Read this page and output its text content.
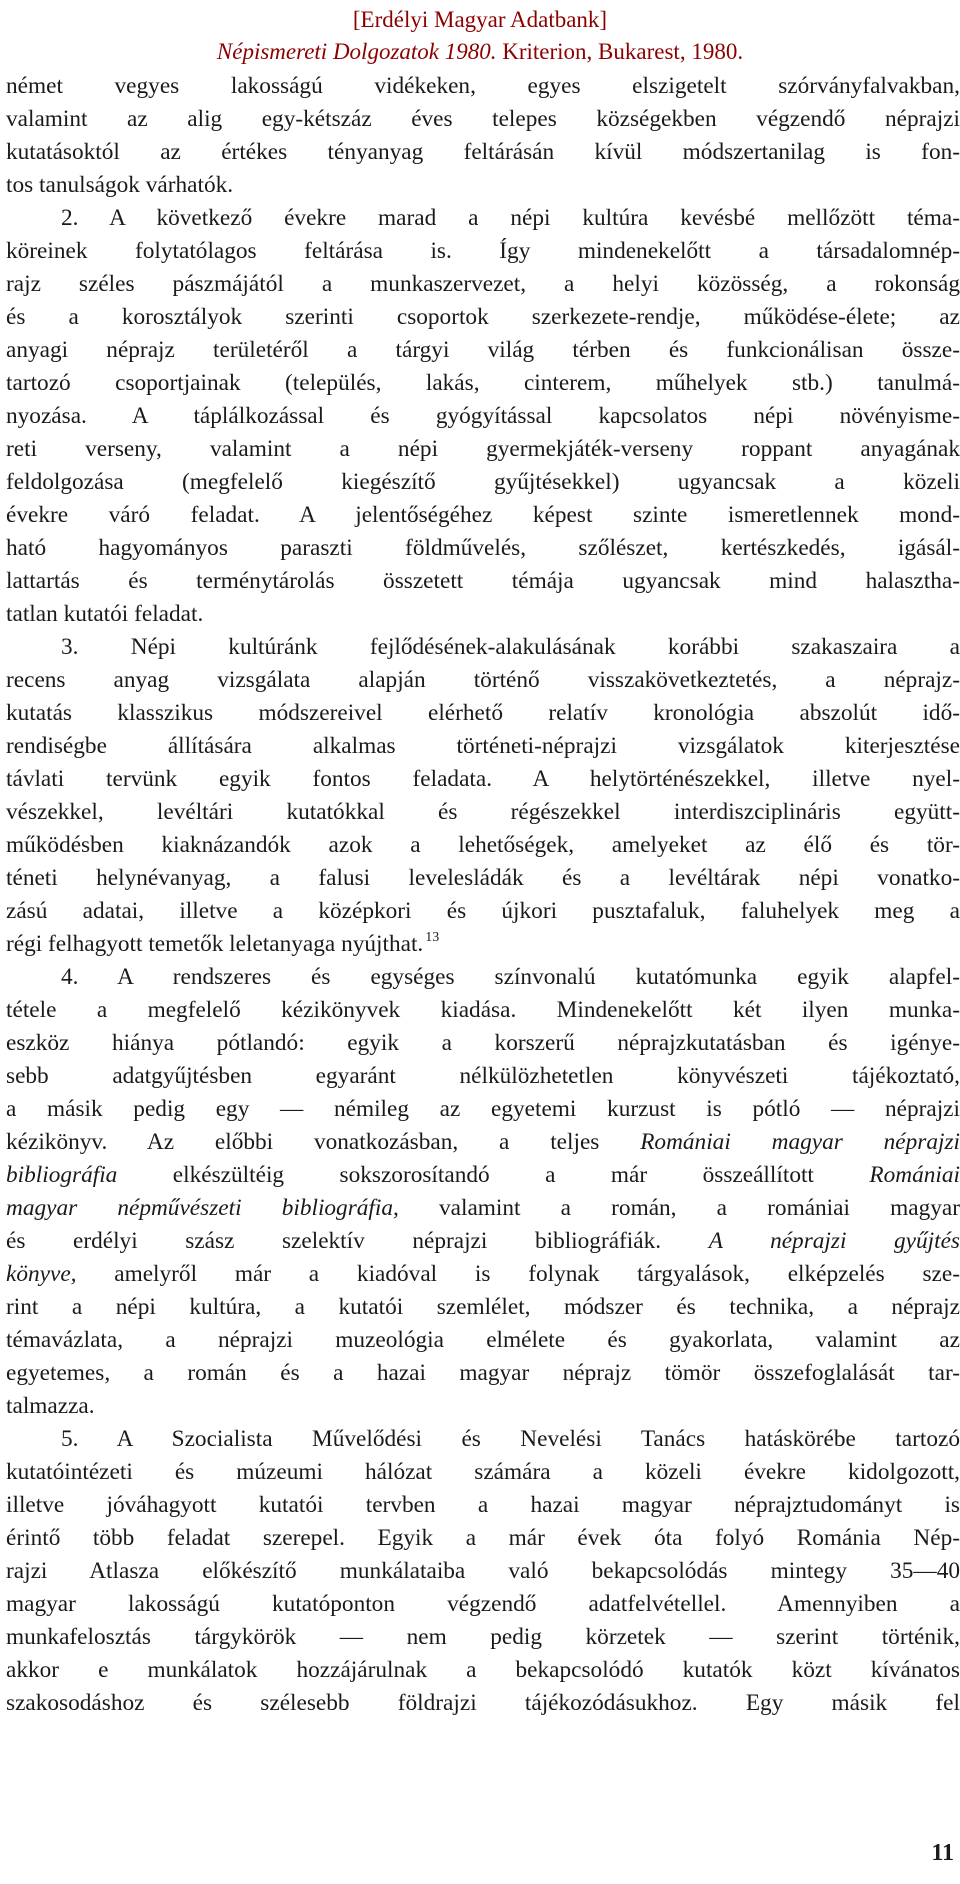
[Erdélyi Magyar Adatbank]
Népismereti Dolgozatok 1980. Kriterion, Bukarest, 1980.
német vegyes lakosságú vidékeken, egyes elszigetelt szórványfalvakban,
valamint az alig egy-kétszáz éves telepes községekben végzendő néprajzi
kutatásoktól az értékes tényanyag feltárásán kívül módszertanilag is fon-
tos tanulságok várhatók.
2. A következő évekre marad a népi kultúra kevésbé mellőzött téma-
köreinek folytatólagos feltárása is. Így mindenekelőtt a társadalomnép-
rajz széles pászmájától a munkaszervezet, a helyi közösség, a rokonság
és a korosztályok szerinti csoportok szerkezete-rendje, működése-élete; az
anyagi néprajz területéről a tárgyi világ térben és funkcionálisan össze-
tartozó csoportjainak (település, lakás, cinterem, műhelyek stb.) tanulmá-
nyozása. A táplálkozással és gyógyítással kapcsolatos népi növényisme-
reti verseny, valamint a népi gyermekjáték-verseny roppant anyagának
feldolgozása (megfelelő kiegészítő gyűjtésekkel) ugyancsak a közeli
évekre váró feladat. A jelentőségéhez képest szinte ismeretlennek mond-
ható hagyományos paraszti földművelés, szőlészet, kertészkedés, igásál-
lattartás és terménytárolás összetett témája ugyancsak mind halasztha-
tatlan kutatói feladat.
3. Népi kultúránk fejlődésének-alakulásának korábbi szakaszaira a
recens anyag vizsgálata alapján történő visszakövetkeztetés, a néprajz-
kutatás klasszikus módszereivel elérhető relatív kronológia abszolút idő-
rendiségbe állítására alkalmas történeti-néprajzi vizsgálatok kiterjesztése
távlati tervünk egyik fontos feladata. A helytörténészekkel, illetve nyel-
vészekkel, levéltári kutatókkal és régészekkel interdiszciplináris együtt-
működésben kiaknázandók azok a lehetőségek, amelyeket az élő és tör-
téneti helynévanyag, a falusi levelesládák és a levéltárak népi vonatko-
zású adatai, illetve a középkori és újkori pusztafaluk, faluhelyek meg a
régi felhagyott temetők leletanyaga nyújthat. $^{13}$
4. A rendszeres és egységes színvonalú kutatómunka egyik alapfel-
tétele a megfelelő kézikönyvek kiadása. Mindenekelőtt két ilyen munka-
eszköz hiánya pótlandó: egyik a korszerű néprajzkutatásban és igénye-
sebb adatgyűjtésben egyaránt nélkülözhetetlen könyvészeti tájékoztató,
a másik pedig egy — némileg az egyetemi kurzust is pótló — néprajzi
kézikönyv. Az előbbi vonatkozásban, a teljes Romániai magyar néprajzi
bibliográfia elkészültéig sokszorosítandó a már összeállított Romániai
magyar népművészeti bibliográfia, valamint a román, a romániai magyar
és erdélyi szász szelektív néprajzi bibliográfiák. A néprajzi gyűjtés
könyve, amelyről már a kiadóval is folynak tárgyalások, elképzelés sze-
rint a népi kultúra, a kutatói szemlélet, módszer és technika, a néprajz
témavázlata, a néprajzi muzeológia elmélete és gyakorlata, valamint az
egyetemes, a román és a hazai magyar néprajz tömör összefoglalását tar-
talmazza.
5. A Szocialista Művelődési és Nevelési Tanács hatáskörébe tartozó
kutatóintézeti és múzeumi hálózat számára a közeli évekre kidolgozott,
illetve jóváhagyott kutatói tervben a hazai magyar néprajztudományt is
érintő több feladat szerepel. Egyik a már évek óta folyó Románia Nép-
rajzi Atlasza előkészítő munkálataiba való bekapcsolódás mintegy 35—40
magyar lakosságú kutatóponton végzendő adatfelvétellel. Amennyiben a
munkafelosztás tárgykörök — nem pedig körzetek — szerint történik,
akkor e munkálatok hozzájárulnak a bekapcsolódó kutatók közt kívánatos
szakosodáshoz és szélesebb földrajzi tájékozódásukhoz. Egy másik fel
11
